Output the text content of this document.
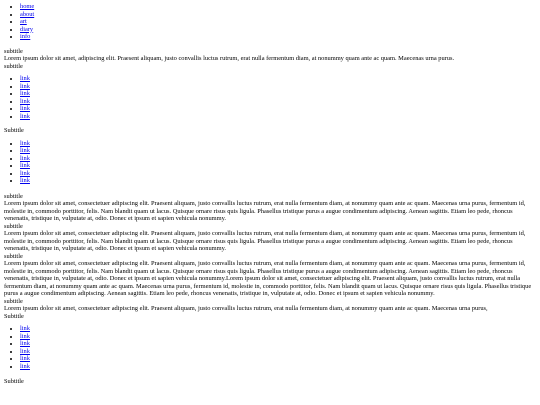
• home
• about
• art
• diary
• info
subtitle

Lorem ipsum dolor sit amet, adipiscing elit. Praesent aliquam, justo convallis luctus rutrum, erat nulla fermentum diam, at nonummy quam ante ac quam. Maecenas urna purus.

subtitle
• link
• link
• link
• link
• link
• link
Subtitle
• link
• link
• link
• link
• link
• link
subtitle

Lorem ipsum dolor sit amet, consectetuer adipiscing elit. Praesent aliquam, justo convallis luctus rutrum, erat nulla fermentum diam, at nonummy quam ante ac quam. Maecenas urna purus, fermentum id, molestie in, commodo porttitor, felis. Nam blandit quam ut lacus. Quisque ornare risus quis ligula. Phasellus tristique purus a augue condimentum adipiscing. Aenean sagittis. Etiam leo pede, rhoncus venenatis, tristique in, vulputate at, odio. Donec et ipsum et sapien vehicula nonummy.

subtitle

Lorem ipsum dolor sit amet, consectetuer adipiscing elit. Praesent aliquam, justo convallis luctus rutrum, erat nulla fermentum diam, at nonummy quam ante ac quam. Maecenas urna purus, fermentum id, molestie in, commodo porttitor, felis. Nam blandit quam ut lacus. Quisque ornare risus quis ligula. Phasellus tristique purus a augue condimentum adipiscing. Aenean sagittis. Etiam leo pede, rhoncus venenatis, tristique in, vulputate at, odio. Donec et ipsum et sapien vehicula nonummy.

subtitle

Lorem ipsum dolor sit amet, consectetuer adipiscing elit. Praesent aliquam, justo convallis luctus rutrum, erat nulla fermentum diam, at nonummy quam ante ac quam. Maecenas urna purus, fermentum id, molestie in, commodo porttitor, felis. Nam blandit quam ut lacus. Quisque ornare risus quis ligula. Phasellus tristique purus a augue condimentum adipiscing. Aenean sagittis. Etiam leo pede, rhoncus venenatis, tristique in, vulputate at, odio. Donec et ipsum et sapien vehicula nonummy.Lorem ipsum dolor sit amet, consectetuer adipiscing elit. Praesent aliquam, justo convallis luctus rutrum, erat nulla fermentum diam, at nonummy quam ante ac quam. Maecenas urna purus, fermentum id, molestie in, commodo porttitor, felis. Nam blandit quam ut lacus. Quisque ornare risus quis ligula. Phasellus tristique purus a augue condimentum adipiscing. Aenean sagittis. Etiam leo pede, rhoncus venenatis, tristique in, vulputate at, odio. Donec et ipsum et sapien vehicula nonummy.

subtitle

Lorem ipsum dolor sit amet, consectetuer adipiscing elit. Praesent aliquam, justo convallis luctus rutrum, erat nulla fermentum diam, at nonummy quam ante ac quam. Maecenas urna purus,

Subtitle
• link
• link
• link
• link
• link
• link
Subtitle
